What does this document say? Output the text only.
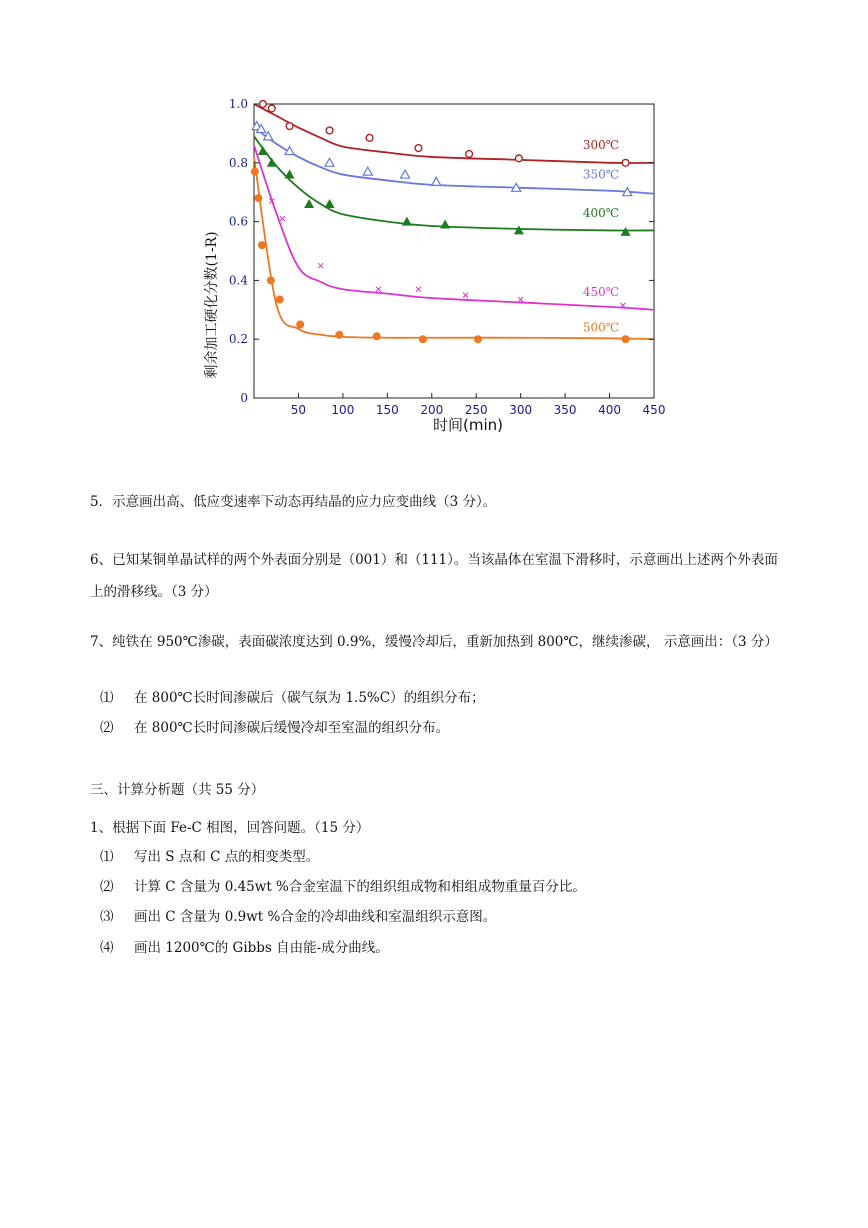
300℃
350℃
400℃
450℃
500℃
0
0.2
0.4
0.6
0.8
1.0
50 100 150 200 250 300 350 400 450
时间(min)
剩余加工硬化分数(1-R)
5．示意画出高、低应变速率下动态再结晶的应力应变曲线（3 分）。
6、已知某铜单晶试样的两个外表面分别是（001）和（111）。当该晶体在室温下滑移时，示意画出上述两个外表面上的滑移线。（3 分）
7、纯铁在 950℃渗碳，表面碳浓度达到 0.9%，缓慢冷却后，重新加热到 800℃，继续渗碳， 示意画出：（3 分）
⑴ 在 800℃长时间渗碳后（碳气氛为 1.5%C）的组织分布；
⑵ 在 800℃长时间渗碳后缓慢冷却至室温的组织分布。
三、计算分析题（共 55 分）
1、根据下面 Fe-C 相图，回答问题。（15 分）
⑴ 写出 S 点和 C 点的相变类型。
⑵ 计算 C 含量为 0.45wt %合金室温下的组织组成物和相组成物重量百分比。
⑶ 画出 C 含量为 0.9wt %合金的冷却曲线和室温组织示意图。
⑷ 画出 1200℃的 Gibbs 自由能-成分曲线。
